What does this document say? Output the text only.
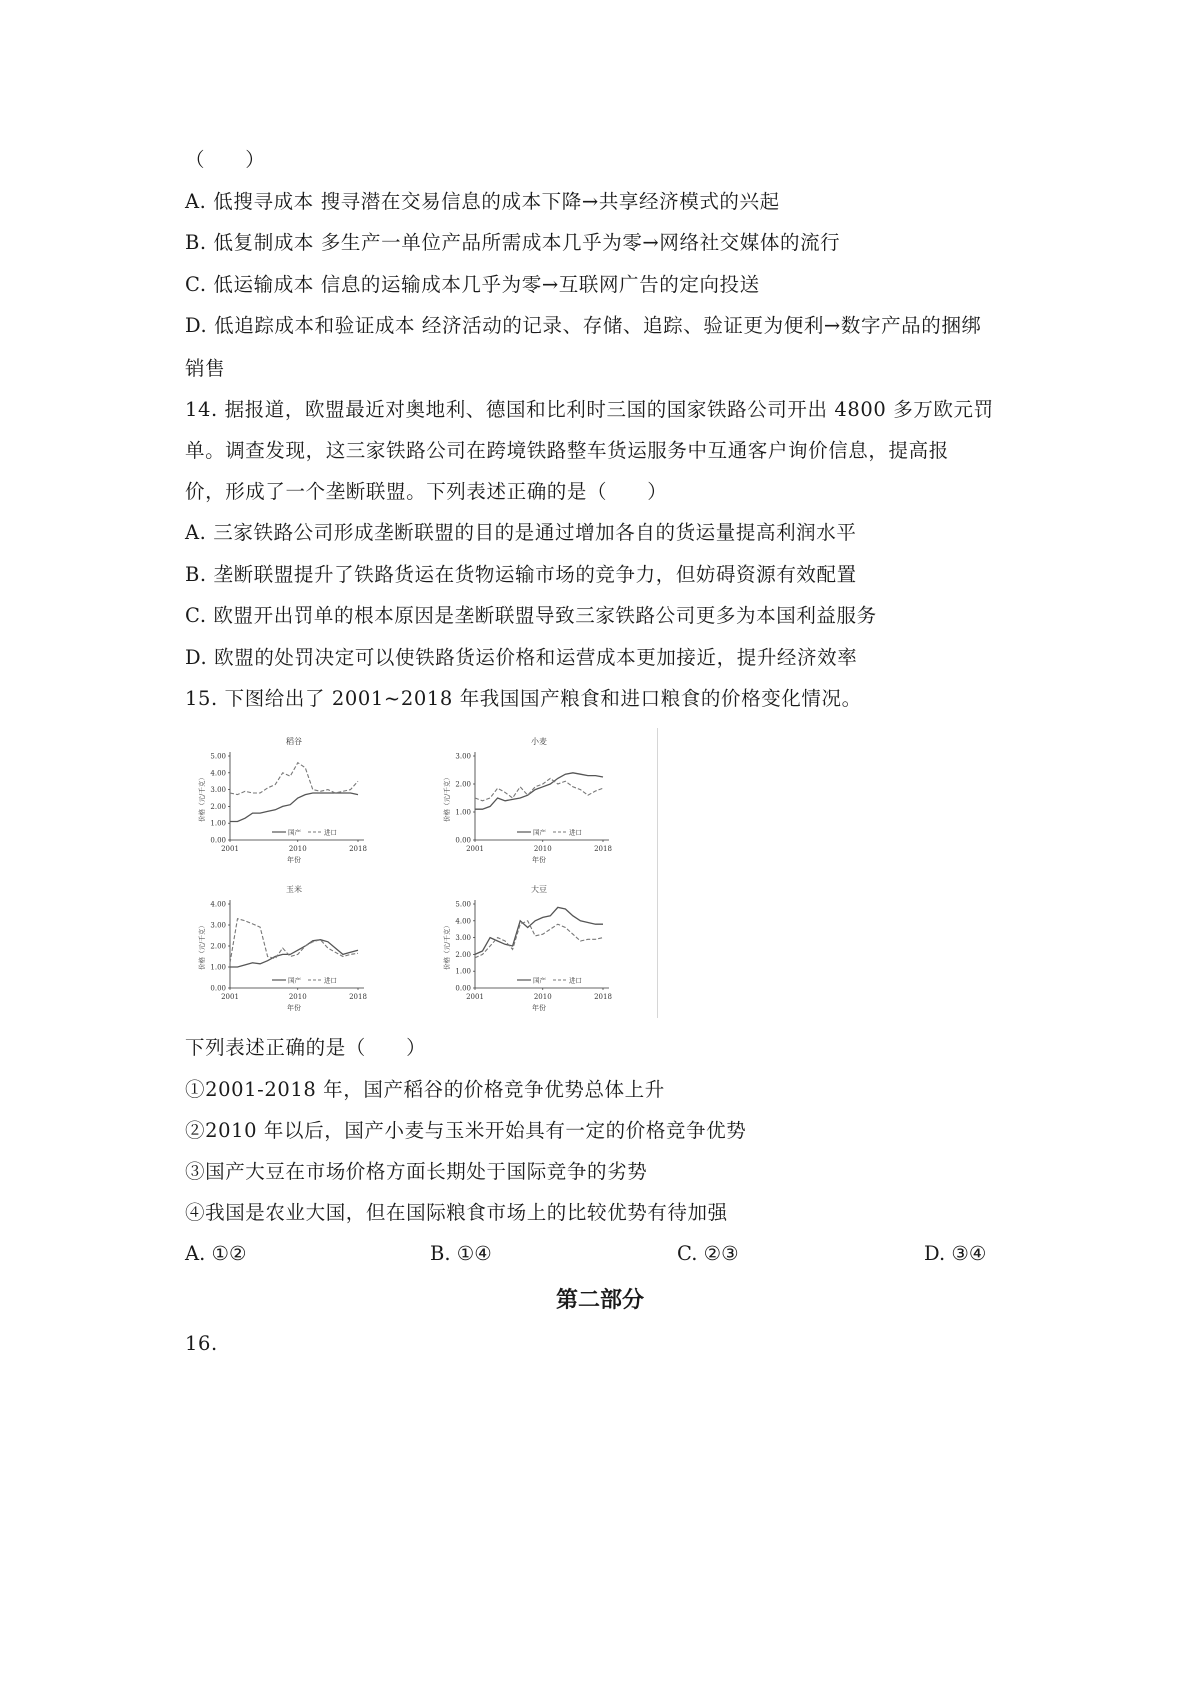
（　　）
A. 低搜寻成本 搜寻潜在交易信息的成本下降→共享经济模式的兴起
B. 低复制成本 多生产一单位产品所需成本几乎为零→网络社交媒体的流行
C. 低运输成本 信息的运输成本几乎为零→互联网广告的定向投送
D. 低追踪成本和验证成本 经济活动的记录、存储、追踪、验证更为便利→数字产品的捆绑
销售
14. 据报道，欧盟最近对奥地利、德国和比利时三国的国家铁路公司开出 4800 多万欧元罚
单。调查发现，这三家铁路公司在跨境铁路整车货运服务中互通客户询价信息，提高报
价，形成了一个垄断联盟。下列表述正确的是（　　）
A. 三家铁路公司形成垄断联盟的目的是通过增加各自的货运量提高利润水平
B. 垄断联盟提升了铁路货运在货物运输市场的竞争力，但妨碍资源有效配置
C. 欧盟开出罚单的根本原因是垄断联盟导致三家铁路公司更多为本国利益服务
D. 欧盟的处罚决定可以使铁路货运价格和运营成本更加接近，提升经济效率
15. 下图给出了 2001~2018 年我国国产粮食和进口粮食的价格变化情况。
下列表述正确的是（　　）
①2001-2018 年，国产稻谷的价格竞争优势总体上升
②2010 年以后，国产小麦与玉米开始具有一定的价格竞争优势
③国产大豆在市场价格方面长期处于国际竞争的劣势
④我国是农业大国，但在国际粮食市场上的比较优势有待加强
稻谷
0.00
1.00
2.00
3.00
4.00
5.00
2001	2010	2018
年份
价格（元/千克）
国产	进口
小麦
0.00
1.00
2.00
3.00
2001	2010	2018
年份
价格（元/千克）
国产	进口
玉米
0.00
1.00
2.00
3.00
4.00
2001	2010	2018
年份
价格（元/千克）
国产	进口
大豆
0.00
1.00
2.00
3.00
4.00
5.00
2001	2010	2018
年份
价格（元/千克）
国产	进口
A. ①②	B. ①④	C. ②③	D. ③④
第二部分
16.
